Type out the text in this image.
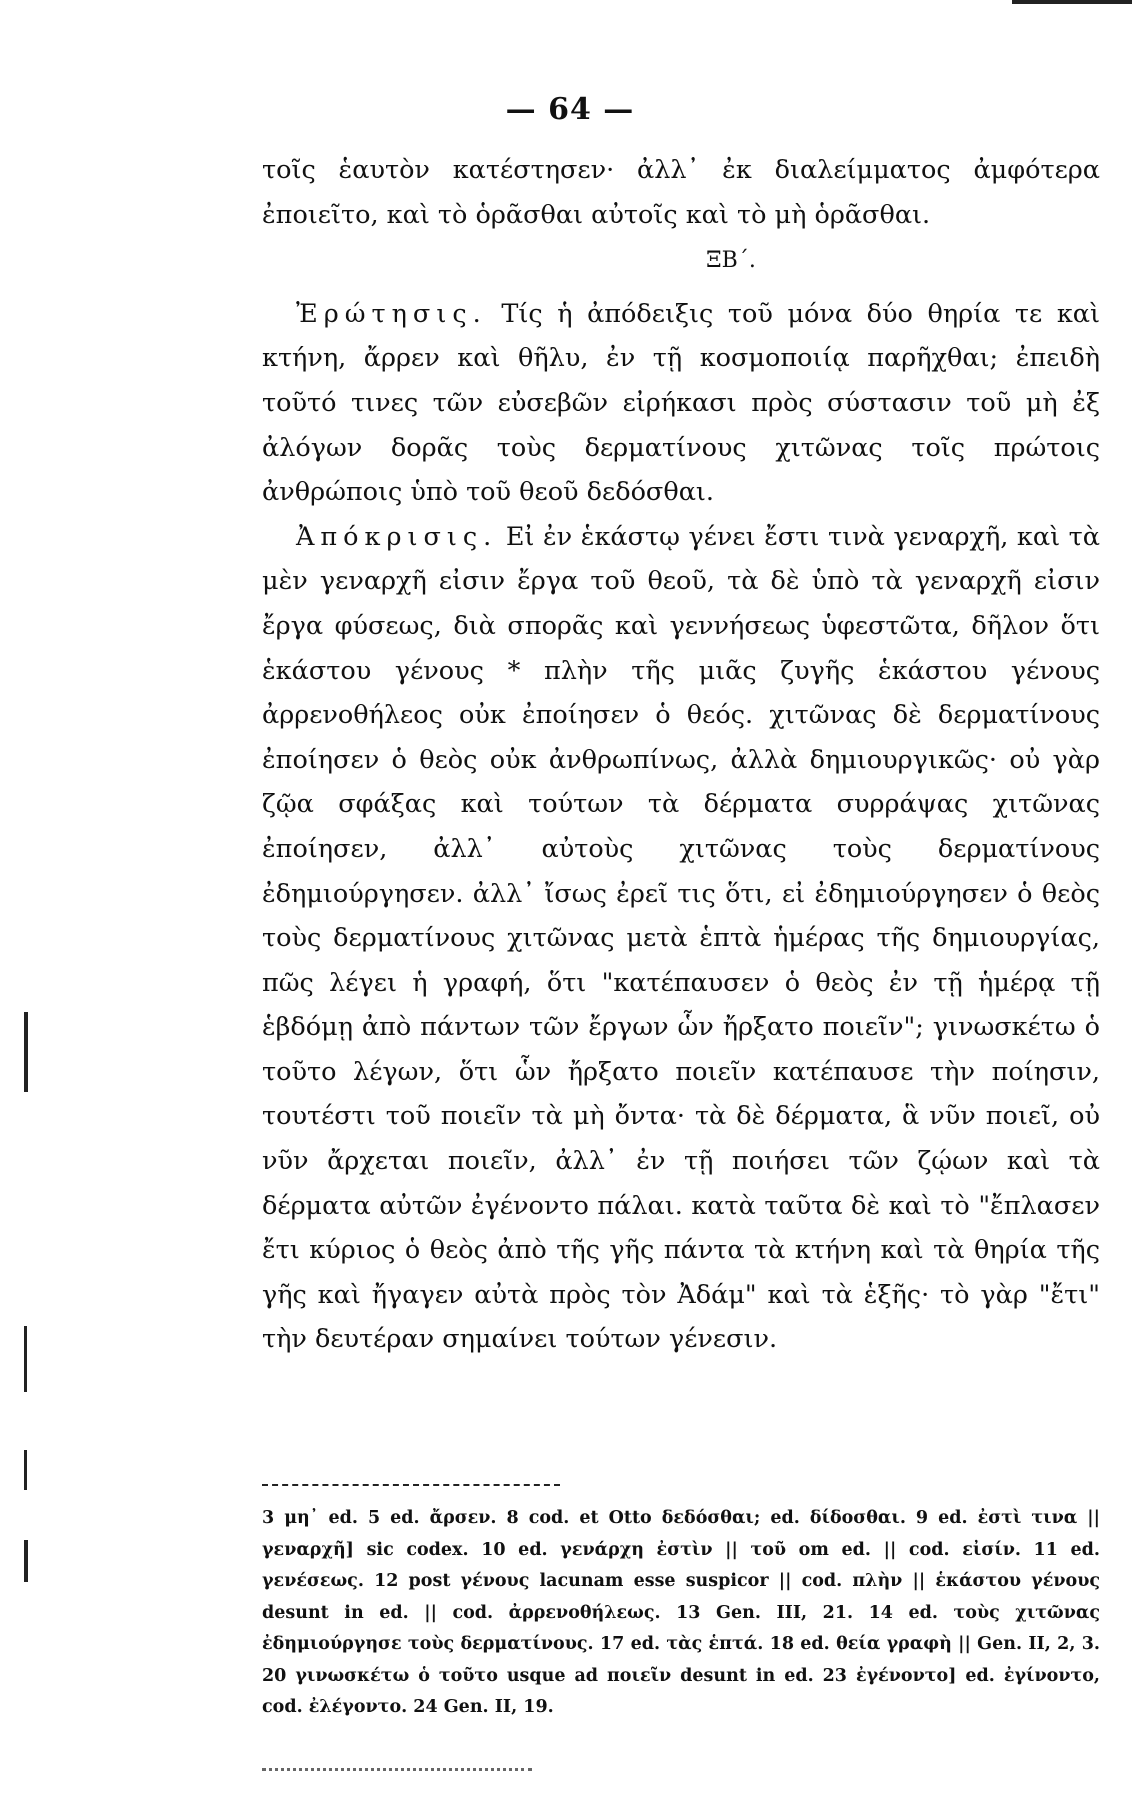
— 64 —

τοῖς ἑαυτὸν κατέστησεν· ἀλλ᾽ ἐκ διαλείμματος ἀμφότερα ἐποιεῖτο, καὶ τὸ ὁρᾶσθαι αὐτοῖς καὶ τὸ μὴ ὁρᾶσθαι.

ΞΒ΄.

Ἐρώτησις. Τίς ἡ ἀπόδειξις τοῦ μόνα δύο θηρία τε καὶ κτήνη, ἄρρεν καὶ θῆλυ, ἐν τῇ κοσμοποιίᾳ παρῆχθαι; ἐπειδὴ τοῦτό τινες τῶν εὐσεβῶν εἰρήκασι πρὸς σύστασιν τοῦ μὴ ἐξ ἀλόγων δορᾶς τοὺς δερματίνους χιτῶνας τοῖς πρώτοις ἀνθρώποις ὑπὸ τοῦ θεοῦ δεδόσθαι.

Ἀπόκρισις. Εἰ ἐν ἑκάστῳ γένει ἔστι τινὰ γεναρχῆ, καὶ τὰ μὲν γεναρχῆ εἰσιν ἔργα τοῦ θεοῦ, τὰ δὲ ὑπὸ τὰ γεναρχῆ εἰσιν ἔργα φύσεως, διὰ σπορᾶς καὶ γεννήσεως ὑφεστῶτα, δῆλον ὅτι ἑκάστου γένους * πλὴν τῆς μιᾶς ζυγῆς ἑκάστου γένους ἀρρενοθήλεος οὐκ ἐποίησεν ὁ θεός. χιτῶνας δὲ δερματίνους ἐποίησεν ὁ θεὸς οὐκ ἀνθρωπίνως, ἀλλὰ δημιουργικῶς· οὐ γὰρ ζῷα σφάξας καὶ τούτων τὰ δέρματα συρράψας χιτῶνας ἐποίησεν, ἀλλ᾽ αὐτοὺς χιτῶνας τοὺς δερματίνους ἐδημιούργησεν. ἀλλ᾽ ἴσως ἐρεῖ τις ὅτι, εἰ ἐδημιούργησεν ὁ θεὸς τοὺς δερματίνους χιτῶνας μετὰ ἑπτὰ ἡμέρας τῆς δημιουργίας, πῶς λέγει ἡ γραφή, ὅτι "κατέπαυσεν ὁ θεὸς ἐν τῇ ἡμέρᾳ τῇ ἑβδόμῃ ἀπὸ πάντων τῶν ἔργων ὧν ἤρξατο ποιεῖν"; γινωσκέτω ὁ τοῦτο λέγων, ὅτι ὧν ἤρξατο ποιεῖν κατέπαυσε τὴν ποίησιν, τουτέστι τοῦ ποιεῖν τὰ μὴ ὄντα· τὰ δὲ δέρματα, ἃ νῦν ποιεῖ, οὐ νῦν ἄρχεται ποιεῖν, ἀλλ᾽ ἐν τῇ ποιήσει τῶν ζῴων καὶ τὰ δέρματα αὐτῶν ἐγένοντο πάλαι. κατὰ ταῦτα δὲ καὶ τὸ "ἔπλασεν ἔτι κύριος ὁ θεὸς ἀπὸ τῆς γῆς πάντα τὰ κτήνη καὶ τὰ θηρία τῆς γῆς καὶ ἤγαγεν αὐτὰ πρὸς τὸν Ἀδάμ" καὶ τὰ ἑξῆς· τὸ γὰρ "ἔτι" τὴν δευτέραν σημαίνει τούτων γένεσιν.

3 μη᾽ ed. 5 ed. ἄρσεν. 8 cod. et Otto δεδόσθαι; ed. δίδοσθαι. 9 ed. ἐστὶ τινα || γεναρχῆ] sic codex. 10 ed. γενάρχη ἐστὶν || τοῦ om ed. || cod. εἰσίν. 11 ed. γενέσεως. 12 post γένους lacunam esse suspicor || cod. πλὴν || ἑκάστου γένους desunt in ed. || cod. ἀρρενοθήλεως. 13 Gen. III, 21. 14 ed. τοὺς χιτῶνας ἐδημιούργησε τοὺς δερματίνους. 17 ed. τὰς ἑπτά. 18 ed. θεία γραφὴ || Gen. II, 2, 3. 20 γινωσκέτω ὁ τοῦτο usque ad ποιεῖν desunt in ed. 23 ἐγένοντο] ed. ἐγίνοντο, cod. ἐλέγοντο. 24 Gen. II, 19.
